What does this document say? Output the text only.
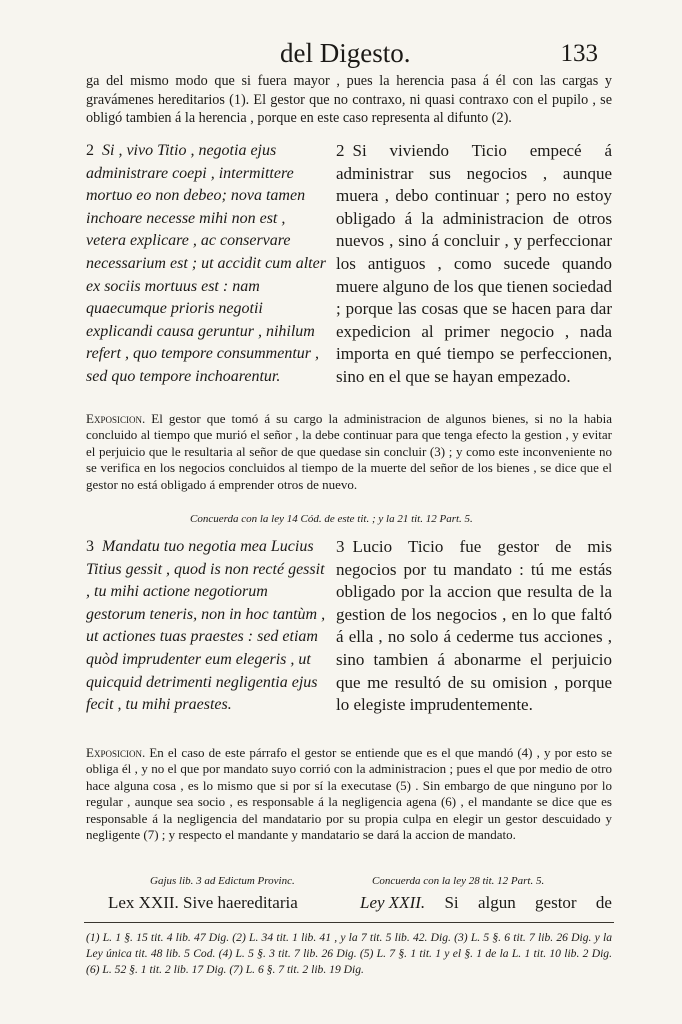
del Digesto.	133
ga del mismo modo que si fuera mayor , pues la herencia pasa á él con las cargas y gravámenes hereditarios (1). El gestor que no contraxo, ni quasi contraxo con el pupilo , se obligó tambien á la herencia , porque en este caso representa al difunto (2).
2 Si , vivo Titio , negotia ejus administrare coepi , intermittere mortuo eo non debeo; nova tamen inchoare necesse mihi non est , vetera explicare , ac conservare necessarium est ; ut accidit cum alter ex sociis mortuus est : nam quaecumque prioris negotii explicandi causa geruntur , nihilum refert , quo tempore consummentur , sed quo tempore inchoarentur.
2 Si viviendo Ticio empecé á administrar sus negocios , aunque muera , debo continuar ; pero no estoy obligado á la administracion de otros nuevos , sino á concluir , y perfeccionar los antiguos , como sucede quando muere alguno de los que tienen sociedad ; porque las cosas que se hacen para dar expedicion al primer negocio , nada importa en qué tiempo se perfeccionen, sino en el que se hayan empezado.
Exposicion. El gestor que tomó á su cargo la administracion de algunos bienes, si no la habia concluido al tiempo que murió el señor , la debe continuar para que tenga efecto la gestion , y evitar el perjuicio que le resultaria al señor de que quedase sin concluir (3) ; y como este inconveniente no se verifica en los negocios concluidos al tiempo de la muerte del señor de los bienes , se dice que el gestor no está obligado á emprender otros de nuevo.
Concuerda con la ley 14 Cód. de este tit. ; y la 21 tit. 12 Part. 5.
3 Mandatu tuo negotia mea Lucius Titius gessit , quod is non recté gessit , tu mihi actione negotiorum gestorum teneris, non in hoc tantùm , ut actiones tuas praestes : sed etiam quòd imprudenter eum elegeris , ut quicquid detrimenti negligentia ejus fecit , tu mihi praestes.
3 Lucio Ticio fue gestor de mis negocios por tu mandato : tú me estás obligado por la accion que resulta de la gestion de los negocios , en lo que faltó á ella , no solo á cederme tus acciones , sino tambien á abonarme el perjuicio que me resultó de su omision , porque lo elegiste imprudentemente.
Exposicion. En el caso de este párrafo el gestor se entiende que es el que mandó (4) , y por esto se obliga él , y no el que por mandato suyo corrió con la administracion ; pues el que por medio de otro hace alguna cosa , es lo mismo que si por sí la executase (5) . Sin embargo de que ninguno por lo regular , aunque sea socio , es responsable á la negligencia agena (6) , el mandante se dice que es responsable á la negligencia del mandatario por su propia culpa en elegir un gestor descuidado y negligente (7) ; y respecto el mandante y mandatario se dará la accion de mandato.
Gajus lib. 3 ad Edictum Provinc.	Concuerda con la ley 28 tit. 12 Part. 5.
Lex XXII. Sive haereditaria	Ley XXII. Si algun gestor de
(1) L. 1 §. 15 tit. 4 lib. 47 Dig. (2) L. 34 tit. 1 lib. 41 , y la 7 tit. 5 lib. 42. Dig. (3) L. 5 §. 6 tit. 7 lib. 26 Dig. y la Ley única tit. 48 lib. 5 Cod. (4) L. 5 §. 3 tit. 7 lib. 26 Dig. (5) L. 7 §. 1 tit. 1 y el §. 1 de la L. 1 tit. 10 lib. 2 Dig. (6) L. 52 §. 1 tit. 2 lib. 17 Dig. (7) L. 6 §. 7 tit. 2 lib. 19 Dig.
